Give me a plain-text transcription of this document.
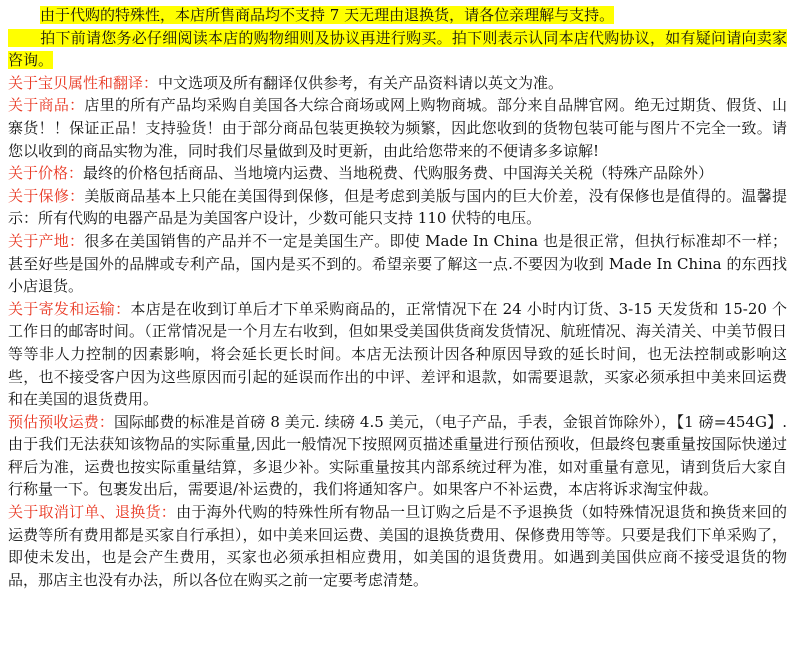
由于代购的特殊性，本店所售商品均不支持 7 天无理由退换货，请各位亲理解与支持。
拍下前请您务必仔细阅读本店的购物细则及协议再进行购买。拍下则表示认同本店代购协议，如有疑问请向卖家咨询。

关于宝贝属性和翻译：中文选项及所有翻译仅供参考，有关产品资料请以英文为准。

关于商品：店里的所有产品均采购自美国各大综合商场或网上购物商城。部分来自品牌官网。绝无过期货、假货、山寨货！！保证正品！支持验货！由于部分商品包装更换较为频繁，因此您收到的货物包装可能与图片不完全一致。请您以收到的商品实物为准，同时我们尽量做到及时更新，由此给您带来的不便请多多谅解!

关于价格：最终的价格包括商品、当地境内运费、当地税费、代购服务费、中国海关关税（特殊产品除外）

关于保修：美版商品基本上只能在美国得到保修，但是考虑到美版与国内的巨大价差，没有保修也是值得的。温馨提示：所有代购的电器产品是为美国客户设计，少数可能只支持 110 伏特的电压。

关于产地：很多在美国销售的产品并不一定是美国生产。即使 Made In China 也是很正常，但执行标准却不一样；甚至好些是国外的品牌或专利产品，国内是买不到的。希望亲要了解这一点.不要因为收到 Made In China 的东西找小店退货。

关于寄发和运输：本店是在收到订单后才下单采购商品的，正常情况下在 24 小时内订货、3-15 天发货和 15-20 个工作日的邮寄时间。（正常情况是一个月左右收到，但如果受美国供货商发货情况、航班情况、海关清关、中美节假日等等非人力控制的因素影响，将会延长更长时间。本店无法预计因各种原因导致的延长时间，也无法控制或影响这些，也不接受客户因为这些原因而引起的延误而作出的中评、差评和退款，如需要退款，买家必须承担中美来回运费和在美国的退货费用。

预估预收运费：国际邮费的标准是首磅 8 美元. 续磅 4.5 美元，（电子产品，手表，金银首饰除外），【1 磅=454G】.由于我们无法获知该物品的实际重量,因此一般情况下按照网页描述重量进行预估预收，但最终包裹重量按国际快递过秤后为准，运费也按实际重量结算，多退少补。实际重量按其内部系统过秤为准，如对重量有意见，请到货后大家自行称量一下。包裹发出后，需要退/补运费的，我们将通知客户。如果客户不补运费，本店将诉求淘宝仲裁。

关于取消订单、退换货：由于海外代购的特殊性所有物品一旦订购之后是不予退换货（如特殊情况退货和换货来回的运费等所有费用都是买家自行承担），如中美来回运费、美国的退换货费用、保修费用等等。只要是我们下单采购了，即使未发出，也是会产生费用，买家也必须承担相应费用，如美国的退货费用。如遇到美国供应商不接受退货的物品，那店主也没有办法，所以各位在购买之前一定要考虑清楚。
